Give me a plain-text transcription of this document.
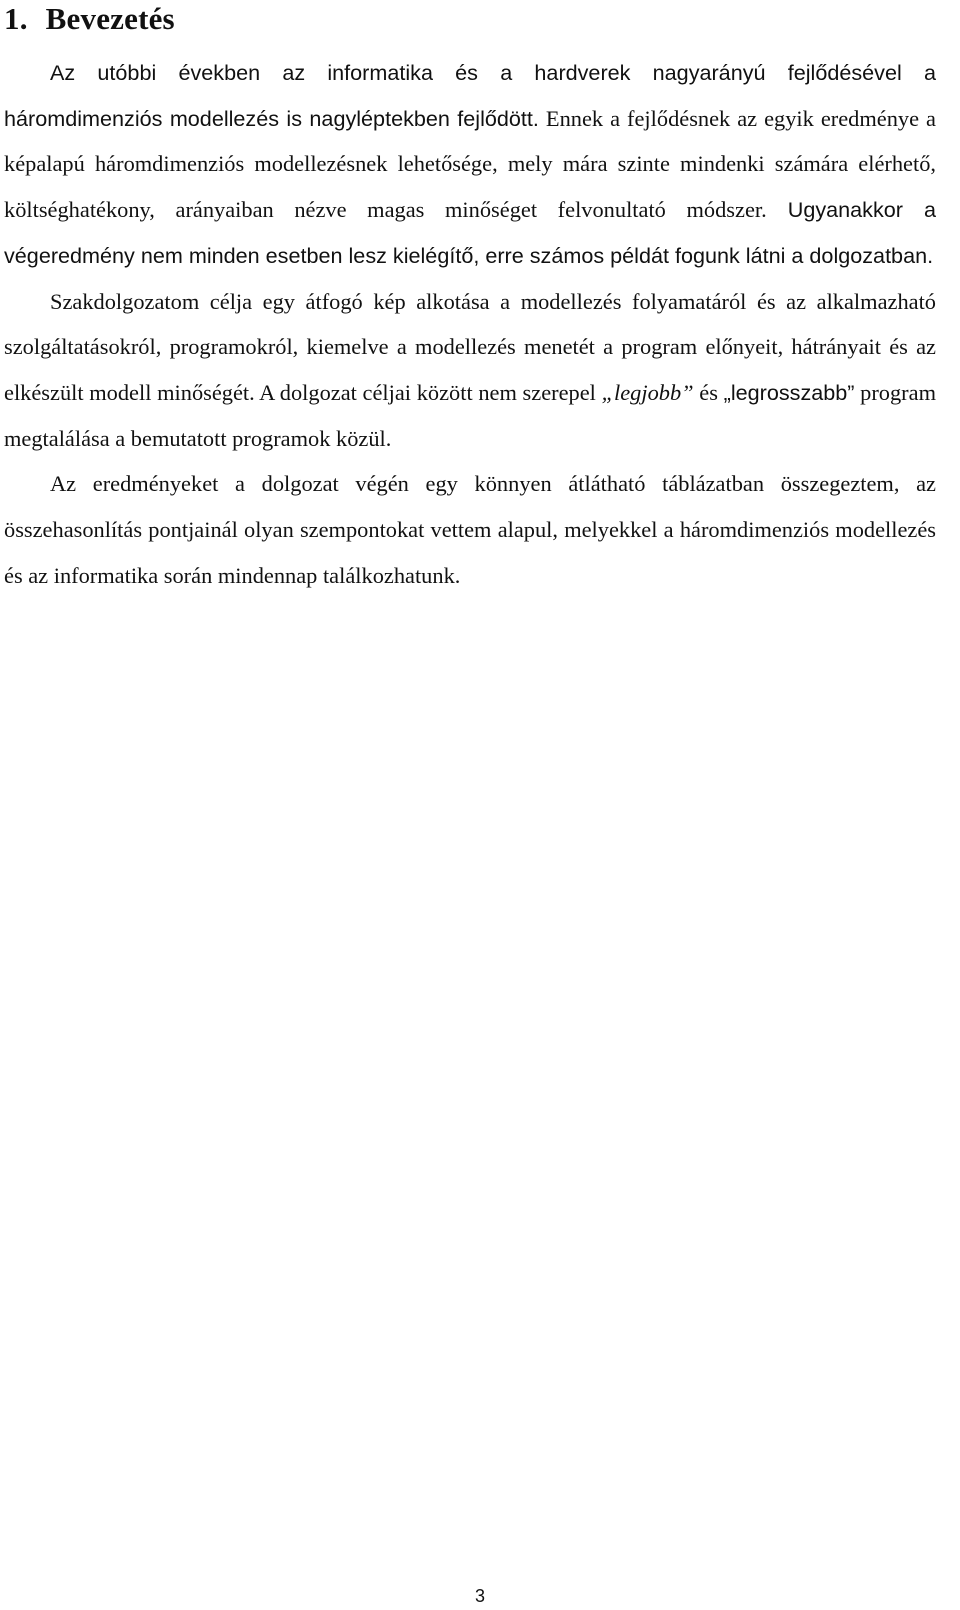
1. Bevezetés

Az utóbbi években az informatika és a hardverek nagyarányú fejlődésével a háromdimenziós modellezés is nagyléptekben fejlődött. Ennek a fejlődésnek az egyik eredménye a képalapú háromdimenziós modellezésnek lehetősége, mely mára szinte mindenki számára elérhető, költséghatékony, arányaiban nézve magas minőséget felvonultató módszer. Ugyanakkor a végeredmény nem minden esetben lesz kielégítő, erre számos példát fogunk látni a dolgozatban.

Szakdolgozatom célja egy átfogó kép alkotása a modellezés folyamatáról és az alkalmazható szolgáltatásokról, programokról, kiemelve a modellezés menetét a program előnyeit, hátrányait és az elkészült modell minőségét. A dolgozat céljai között nem szerepel „legjobb” és „legrosszabb” program megtalálása a bemutatott programok közül.

Az eredményeket a dolgozat végén egy könnyen átlátható táblázatban összegeztem, az összehasonlítás pontjainál olyan szempontokat vettem alapul, melyekkel a háromdimenziós modellezés és az informatika során mindennap találkozhatunk.

3
